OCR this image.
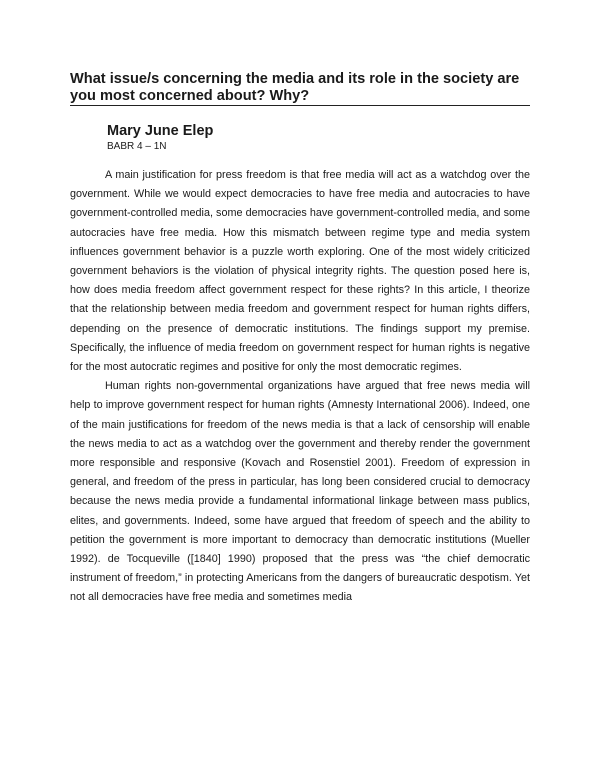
What issue/s concerning the media and its role in the society are you most concerned about? Why?

Mary June Elep

BABR 4 – 1N

A main justification for press freedom is that free media will act as a watchdog over the government. While we would expect democracies to have free media and autocracies to have government-controlled media, some democracies have government-controlled media, and some autocracies have free media. How this mismatch between regime type and media system influences government behavior is a puzzle worth exploring. One of the most widely criticized government behaviors is the violation of physical integrity rights. The question posed here is, how does media freedom affect government respect for these rights? In this article, I theorize that the relationship between media freedom and government respect for human rights differs, depending on the presence of democratic institutions. The findings support my premise. Specifically, the influence of media freedom on government respect for human rights is negative for the most autocratic regimes and positive for only the most democratic regimes.

Human rights non-governmental organizations have argued that free news media will help to improve government respect for human rights (Amnesty International 2006). Indeed, one of the main justifications for freedom of the news media is that a lack of censorship will enable the news media to act as a watchdog over the government and thereby render the government more responsible and responsive (Kovach and Rosenstiel 2001). Freedom of expression in general, and freedom of the press in particular, has long been considered crucial to democracy because the news media provide a fundamental informational linkage between mass publics, elites, and governments. Indeed, some have argued that freedom of speech and the ability to petition the government is more important to democracy than democratic institutions (Mueller 1992). de Tocqueville ([1840] 1990) proposed that the press was “the chief democratic instrument of freedom,” in protecting Americans from the dangers of bureaucratic despotism. Yet not all democracies have free media and sometimes media
